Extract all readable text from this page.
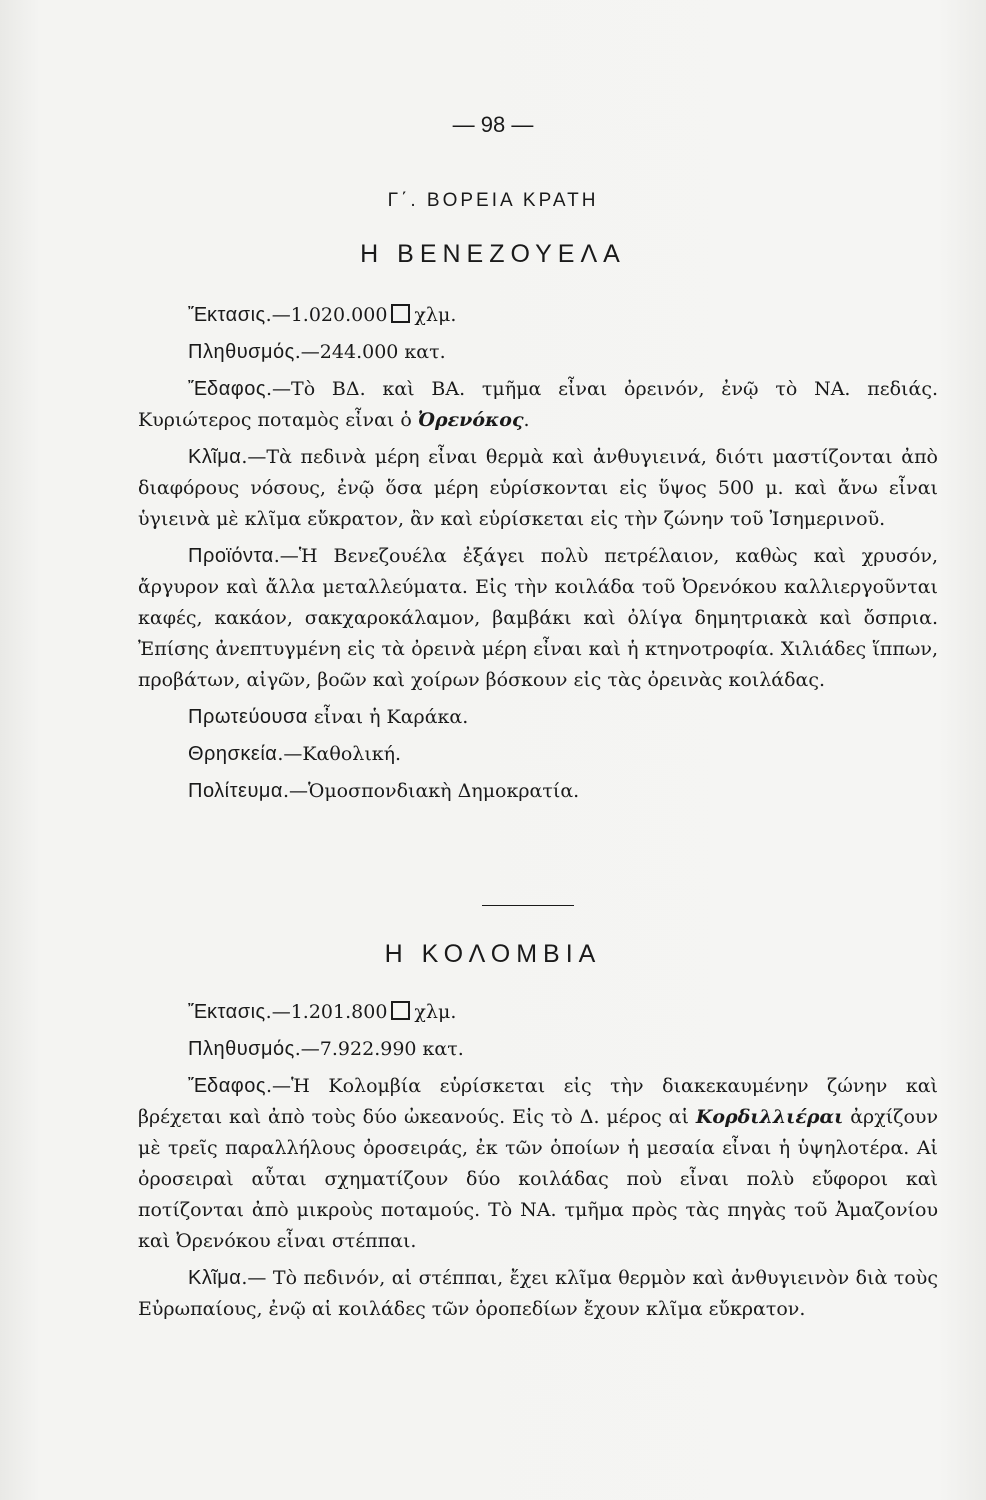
— 98 —
Γ΄. ΒΟΡΕΙΑ ΚΡΑΤΗ
Η ΒΕΝΕΖΟΥΕΛΑ

Ἔκτασις.—1.020.000 χλμ.

Πληθυσμός.—244.000 κατ.

Ἔδαφος.—Τὸ ΒΔ. καὶ ΒΑ. τμῆμα εἶναι ὀρεινόν, ἐνῷ τὸ ΝΑ. πεδιάς. Κυριώτερος ποταμὸς εἶναι ὁ Ὀρενόκος.

Κλῖμα.—Τὰ πεδινὰ μέρη εἶναι θερμὰ καὶ ἀνθυγιεινά, διότι μαστίζονται ἀπὸ διαφόρους νόσους, ἐνῷ ὅσα μέρη εὑρίσκονται εἰς ὕψος 500 μ. καὶ ἄνω εἶναι ὑγιεινὰ μὲ κλῖμα εὔκρατον, ἂν καὶ εὑρίσκεται εἰς τὴν ζώνην τοῦ Ἰσημερινοῦ.

Προϊόντα.—Ἡ Βενεζουέλα ἐξάγει πολὺ πετρέλαιον, καθὼς καὶ χρυσόν, ἄργυρον καὶ ἄλλα μεταλλεύματα. Εἰς τὴν κοιλάδα τοῦ Ὀρενόκου καλλιεργοῦνται καφές, κακάον, σακχαροκάλαμον, βαμβάκι καὶ ὀλίγα δημητριακὰ καὶ ὄσπρια. Ἐπίσης ἀνεπτυγμένη εἰς τὰ ὀρεινὰ μέρη εἶναι καὶ ἡ κτηνοτροφία. Χιλιάδες ἵππων, προβάτων, αἰγῶν, βοῶν καὶ χοίρων βόσκουν εἰς τὰς ὀρεινὰς κοιλάδας.

Πρωτεύουσα εἶναι ἡ Καράκα.

Θρησκεία.—Καθολική.

Πολίτευμα.—Ὁμοσπονδιακὴ Δημοκρατία.

Η ΚΟΛΟΜΒΙΑ

Ἔκτασις.—1.201.800 χλμ.

Πληθυσμός.—7.922.990 κατ.

Ἔδαφος.—Ἡ Κολομβία εὑρίσκεται εἰς τὴν διακεκαυμένην ζώνην καὶ βρέχεται καὶ ἀπὸ τοὺς δύο ὠκεανούς. Εἰς τὸ Δ. μέρος αἱ Κορδιλλιέραι ἀρχίζουν μὲ τρεῖς παραλλήλους ὀροσειράς, ἐκ τῶν ὁποίων ἡ μεσαία εἶναι ἡ ὑψηλοτέρα. Αἱ ὀροσειραὶ αὗται σχηματίζουν δύο κοιλάδας ποὺ εἶναι πολὺ εὔφοροι καὶ ποτίζονται ἀπὸ μικροὺς ποταμούς. Τὸ ΝΑ. τμῆμα πρὸς τὰς πηγὰς τοῦ Ἀμαζονίου καὶ Ὀρενόκου εἶναι στέππαι.

Κλῖμα.— Τὸ πεδινόν, αἱ στέππαι, ἔχει κλῖμα θερμὸν καὶ ἀνθυγιεινὸν διὰ τοὺς Εὐρωπαίους, ἐνῷ αἱ κοιλάδες τῶν ὀροπεδίων ἔχουν κλῖμα εὔκρατον.
